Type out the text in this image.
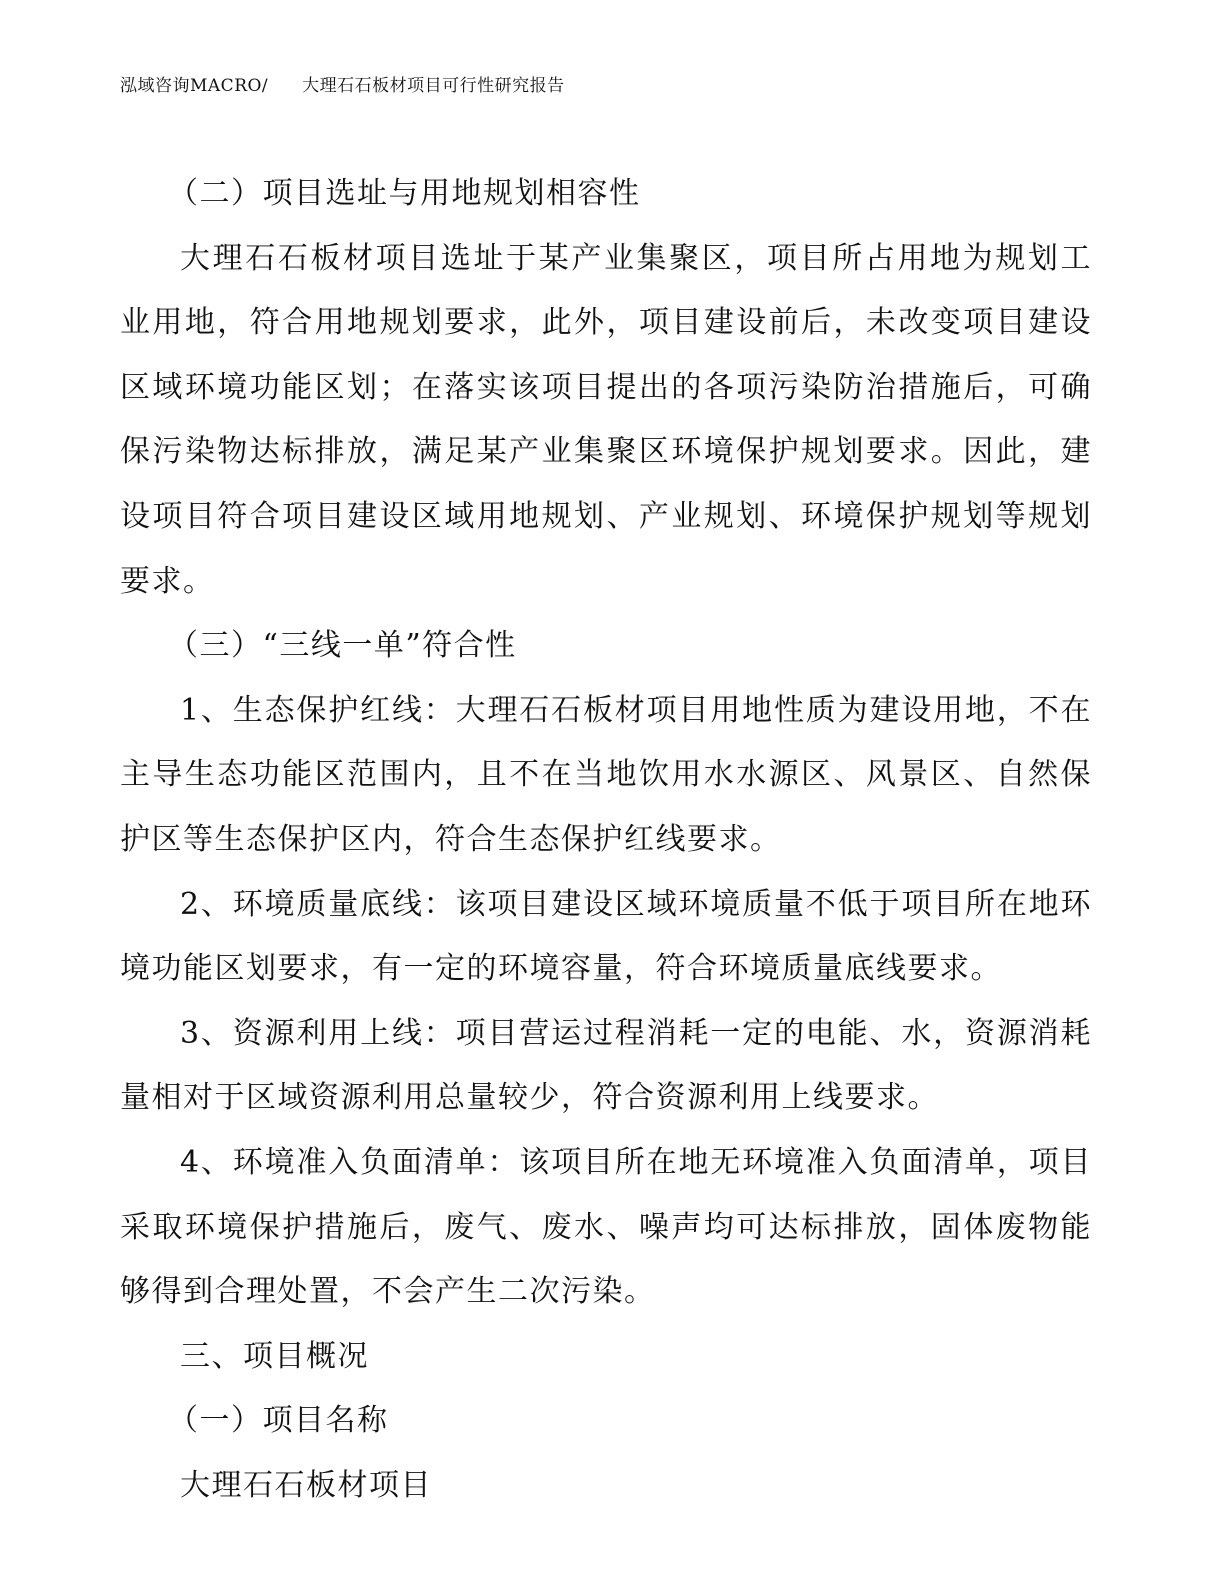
泓域咨询MACRO/ 大理石石板材项目可行性研究报告

（二）项目选址与用地规划相容性

大理石石板材项目选址于某产业集聚区，项目所占用地为规划工业用地，符合用地规划要求，此外，项目建设前后，未改变项目建设区域环境功能区划；在落实该项目提出的各项污染防治措施后，可确保污染物达标排放，满足某产业集聚区环境保护规划要求。因此，建设项目符合项目建设区域用地规划、产业规划、环境保护规划等规划要求。

（三）“三线一单”符合性

1、生态保护红线：大理石石板材项目用地性质为建设用地，不在主导生态功能区范围内，且不在当地饮用水水源区、风景区、自然保护区等生态保护区内，符合生态保护红线要求。

2、环境质量底线：该项目建设区域环境质量不低于项目所在地环境功能区划要求，有一定的环境容量，符合环境质量底线要求。

3、资源利用上线：项目营运过程消耗一定的电能、水，资源消耗量相对于区域资源利用总量较少，符合资源利用上线要求。

4、环境准入负面清单：该项目所在地无环境准入负面清单，项目采取环境保护措施后，废气、废水、噪声均可达标排放，固体废物能够得到合理处置，不会产生二次污染。

三、项目概况

（一）项目名称

大理石石板材项目
